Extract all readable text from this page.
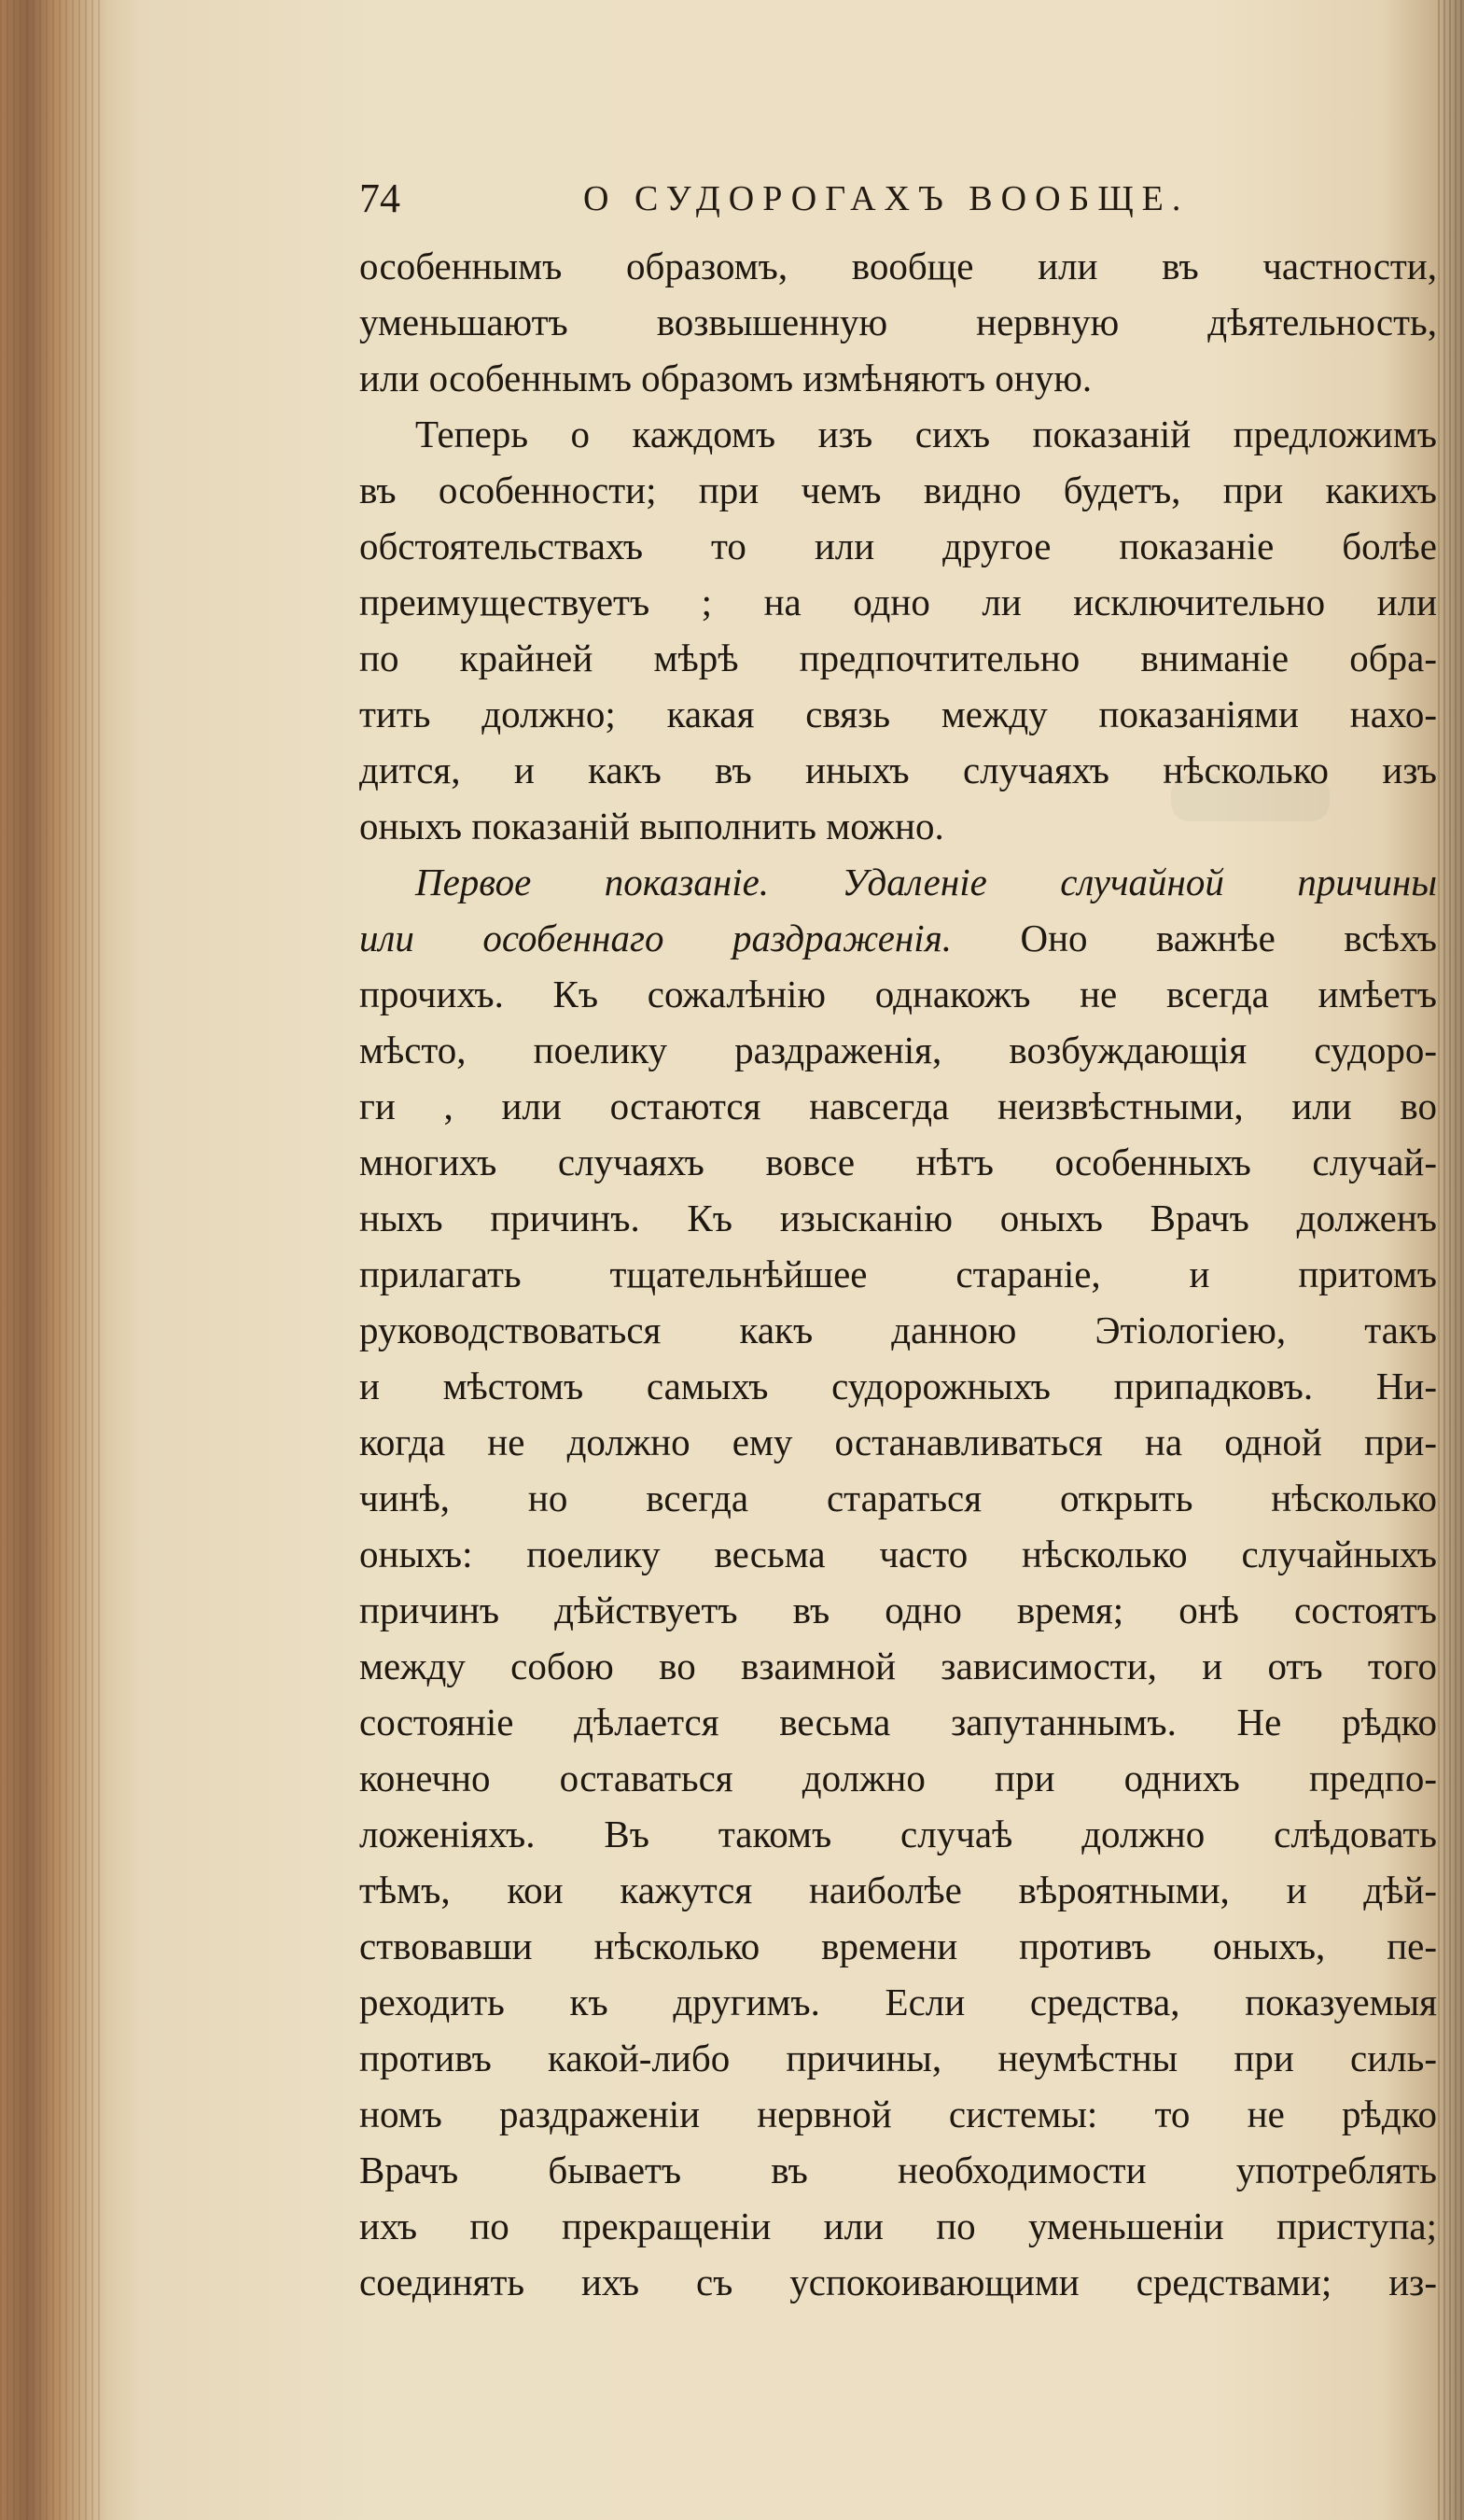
74	О СУДОРОГАХЪ ВООБЩЕ.
особеннымъ образомъ, вообще или въ частности,
уменьшаютъ возвышенную нервную дѣятельность,
или особеннымъ образомъ измѣняютъ оную.
Теперь о каждомъ изъ сихъ показаній предложимъ
въ особенности; при чемъ видно будетъ, при какихъ
обстоятельствахъ то или другое показаніе болѣе
преимуществуетъ ; на одно ли исключительно или
по крайней мѣрѣ предпочтительно вниманіе обра-
тить должно; какая связь между показаніями нахо-
дится, и какъ въ иныхъ случаяхъ нѣсколько изъ
оныхъ показаній выполнить можно.
Первое показаніе. Удаленіе случайной причины
или особеннаго раздраженія. Оно важнѣе всѣхъ
прочихъ. Къ сожалѣнію однакожъ не всегда имѣетъ
мѣсто, поелику раздраженія, возбуждающія судоро-
ги , или остаются навсегда неизвѣстными, или во
многихъ случаяхъ вовсе нѣтъ особенныхъ случай-
ныхъ причинъ. Къ изысканію оныхъ Врачъ долженъ
прилагать тщательнѣйшее стараніе, и притомъ
руководствоваться какъ данною Этіологіею, такъ
и мѣстомъ самыхъ судорожныхъ припадковъ. Ни-
когда не должно ему останавливаться на одной при-
чинѣ, но всегда стараться открыть нѣсколько
оныхъ: поелику весьма часто нѣсколько случайныхъ
причинъ дѣйствуетъ въ одно время; онѣ состоятъ
между собою во взаимной зависимости, и отъ того
состояніе дѣлается весьма запутаннымъ. Не рѣдко
конечно оставаться должно при однихъ предпо-
ложеніяхъ. Въ такомъ случаѣ должно слѣдовать
тѣмъ, кои кажутся наиболѣе вѣроятными, и дѣй-
ствовавши нѣсколько времени противъ оныхъ, пе-
реходить къ другимъ. Если средства, показуемыя
противъ какой-либо причины, неумѣстны при силь-
номъ раздраженіи нервной системы: то не рѣдко
Врачъ бываетъ въ необходимости употреблять
ихъ по прекращеніи или по уменьшеніи приступа;
соединять ихъ съ успокоивающими средствами; из-
